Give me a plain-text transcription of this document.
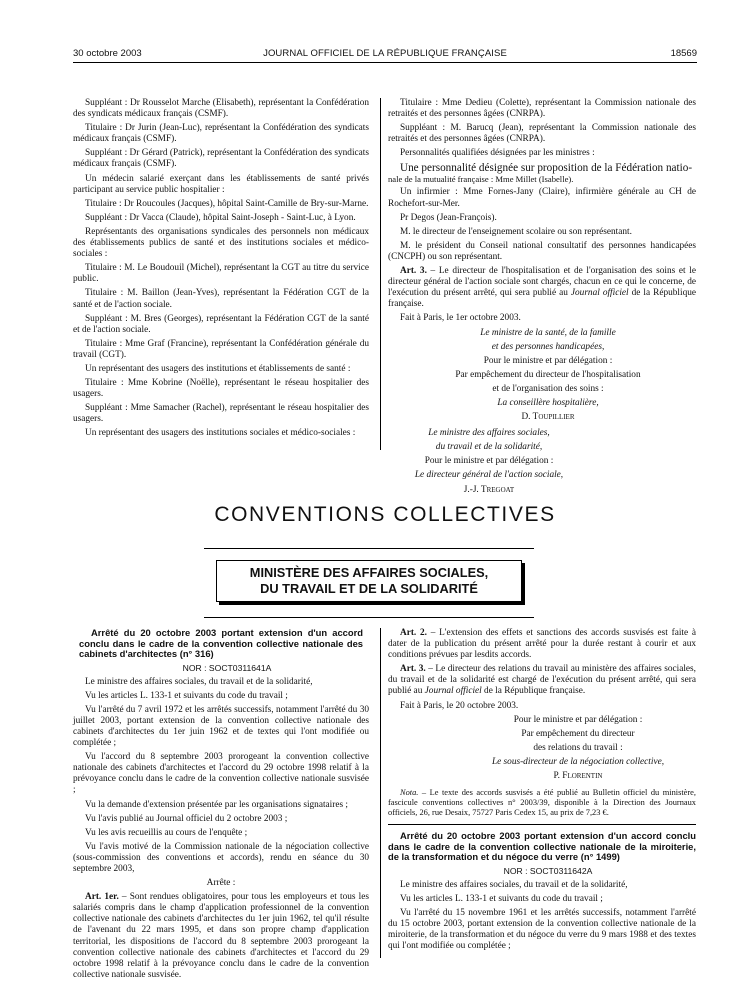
30 octobre 2003	JOURNAL OFFICIEL DE LA RÉPUBLIQUE FRANÇAISE	18569

Suppléant : Dr Rousselot Marche (Elisabeth), représentant la Confédération des syndicats médicaux français (CSMF).

Titulaire : Dr Jurin (Jean-Luc), représentant la Confédération des syndicats médicaux français (CSMF).

Suppléant : Dr Gérard (Patrick), représentant la Confédération des syndicats médicaux français (CSMF).

Un médecin salarié exerçant dans les établissements de santé privés participant au service public hospitalier :

Titulaire : Dr Roucoules (Jacques), hôpital Saint-Camille de Bry-sur-Marne.

Suppléant : Dr Vacca (Claude), hôpital Saint-Joseph - Saint-Luc, à Lyon.

Représentants des organisations syndicales des personnels non médicaux des établissements publics de santé et des institutions sociales et médico-sociales :

Titulaire : M. Le Boudouil (Michel), représentant la CGT au titre du service public.

Titulaire : M. Baillon (Jean-Yves), représentant la Fédération CGT de la santé et de l'action sociale.

Suppléant : M. Bres (Georges), représentant la Fédération CGT de la santé et de l'action sociale.

Titulaire : Mme Graf (Francine), représentant la Confédération générale du travail (CGT).

Un représentant des usagers des institutions et établissements de santé :

Titulaire : Mme Kobrine (Noëlle), représentant le réseau hospitalier des usagers.

Suppléant : Mme Samacher (Rachel), représentant le réseau hospitalier des usagers.

Un représentant des usagers des institutions sociales et médico-sociales :

Titulaire : Mme Dedieu (Colette), représentant la Commission nationale des retraités et des personnes âgées (CNRPA).

Suppléant : M. Barucq (Jean), représentant la Commission nationale des retraités et des personnes âgées (CNRPA).

Personnalités qualifiées désignées par les ministres :

Une personnalité désignée sur proposition de la Fédération natio-

nale de la mutualité française : Mme Millet (Isabelle).

Un infirmier : Mme Fornes-Jany (Claire), infirmière générale au CH de Rochefort-sur-Mer.

Pr Degos (Jean-François).

M. le directeur de l'enseignement scolaire ou son représentant.

M. le président du Conseil national consultatif des personnes handicapées (CNCPH) ou son représentant.

Art. 3. – Le directeur de l'hospitalisation et de l'organisation des soins et le directeur général de l'action sociale sont chargés, chacun en ce qui le concerne, de l'exécution du présent arrêté, qui sera publié au Journal officiel de la République française.

Fait à Paris, le 1er octobre 2003.

Le ministre de la santé, de la famille

et des personnes handicapées,

Pour le ministre et par délégation :

Par empêchement du directeur de l'hospitalisation

et de l'organisation des soins :

La conseillère hospitalière,

D. Toupillier

Le ministre des affaires sociales,

du travail et de la solidarité,

Pour le ministre et par délégation :

Le directeur général de l'action sociale,

J.-J. Tregoat

CONVENTIONS COLLECTIVES
MINISTÈRE DES AFFAIRES SOCIALES,
DU TRAVAIL ET DE LA SOLIDARITÉ

Arrêté du 20 octobre 2003 portant extension d'un accord conclu dans le cadre de la convention collective nationale des cabinets d'architectes (n° 316)

NOR : SOCT0311641A

Le ministre des affaires sociales, du travail et de la solidarité,

Vu les articles L. 133-1 et suivants du code du travail ;

Vu l'arrêté du 7 avril 1972 et les arrêtés successifs, notamment l'arrêté du 30 juillet 2003, portant extension de la convention collective nationale des cabinets d'architectes du 1er juin 1962 et de textes qui l'ont modifiée ou complétée ;

Vu l'accord du 8 septembre 2003 prorogeant la convention collective nationale des cabinets d'architectes et l'accord du 29 octobre 1998 relatif à la prévoyance conclu dans le cadre de la convention collective nationale susvisée ;

Vu la demande d'extension présentée par les organisations signataires ;

Vu l'avis publié au Journal officiel du 2 octobre 2003 ;

Vu les avis recueillis au cours de l'enquête ;

Vu l'avis motivé de la Commission nationale de la négociation collective (sous-commission des conventions et accords), rendu en séance du 30 septembre 2003,

Arrête :

Art. 1er. – Sont rendues obligatoires, pour tous les employeurs et tous les salariés compris dans le champ d'application professionnel de la convention collective nationale des cabinets d'architectes du 1er juin 1962, tel qu'il résulte de l'avenant du 22 mars 1995, et dans son propre champ d'application territorial, les dispositions de l'accord du 8 septembre 2003 prorogeant la convention collective nationale des cabinets d'architectes et l'accord du 29 octobre 1998 relatif à la prévoyance conclu dans le cadre de la convention collective nationale susvisée.

Art. 2. – L'extension des effets et sanctions des accords susvisés est faite à dater de la publication du présent arrêté pour la durée restant à courir et aux conditions prévues par lesdits accords.

Art. 3. – Le directeur des relations du travail au ministère des affaires sociales, du travail et de la solidarité est chargé de l'exécution du présent arrêté, qui sera publié au Journal officiel de la République française.

Fait à Paris, le 20 octobre 2003.

Pour le ministre et par délégation :

Par empêchement du directeur

des relations du travail :

Le sous-directeur de la négociation collective,

P. Florentin

Nota. – Le texte des accords susvisés a été publié au Bulletin officiel du ministère, fascicule conventions collectives n° 2003/39, disponible à la Direction des Journaux officiels, 26, rue Desaix, 75727 Paris Cedex 15, au prix de 7,23 €.

Arrêté du 20 octobre 2003 portant extension d'un accord conclu dans le cadre de la convention collective nationale de la miroiterie, de la transformation et du négoce du verre (n° 1499)

NOR : SOCT0311642A

Le ministre des affaires sociales, du travail et de la solidarité,

Vu les articles L. 133-1 et suivants du code du travail ;

Vu l'arrêté du 15 novembre 1961 et les arrêtés successifs, notamment l'arrêté du 15 octobre 2003, portant extension de la convention collective nationale de la miroiterie, de la transformation et du négoce du verre du 9 mars 1988 et des textes qui l'ont modifiée ou complétée ;
